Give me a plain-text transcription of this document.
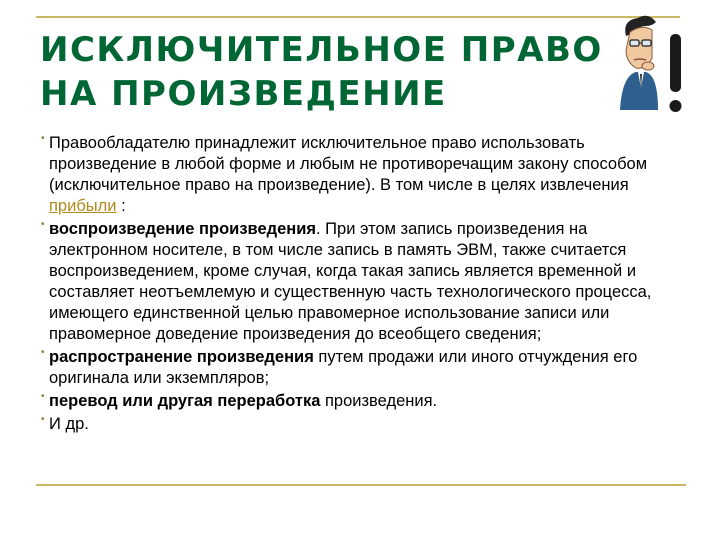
ИСКЛЮЧИТЕЛЬНОЕ ПРАВО
НА ПРОИЗВЕДЕНИЕ

• Правообладателю принадлежит исключительное право использовать произведение в любой форме и любым не противоречащим закону способом (исключительное право на произведение). В том числе в целях извлечения прибыли :

• воспроизведение произведения. При этом запись произведения на электронном носителе, в том числе запись в память ЭВМ, также считается воспроизведением, кроме случая, когда такая запись является временной и составляет неотъемлемую и существенную часть технологического процесса, имеющего единственной целью правомерное использование записи или правомерное доведение произведения до всеобщего сведения;

• распространение произведения путем продажи или иного отчуждения его оригинала или экземпляров;

• перевод или другая переработка произведения.

• И др.
